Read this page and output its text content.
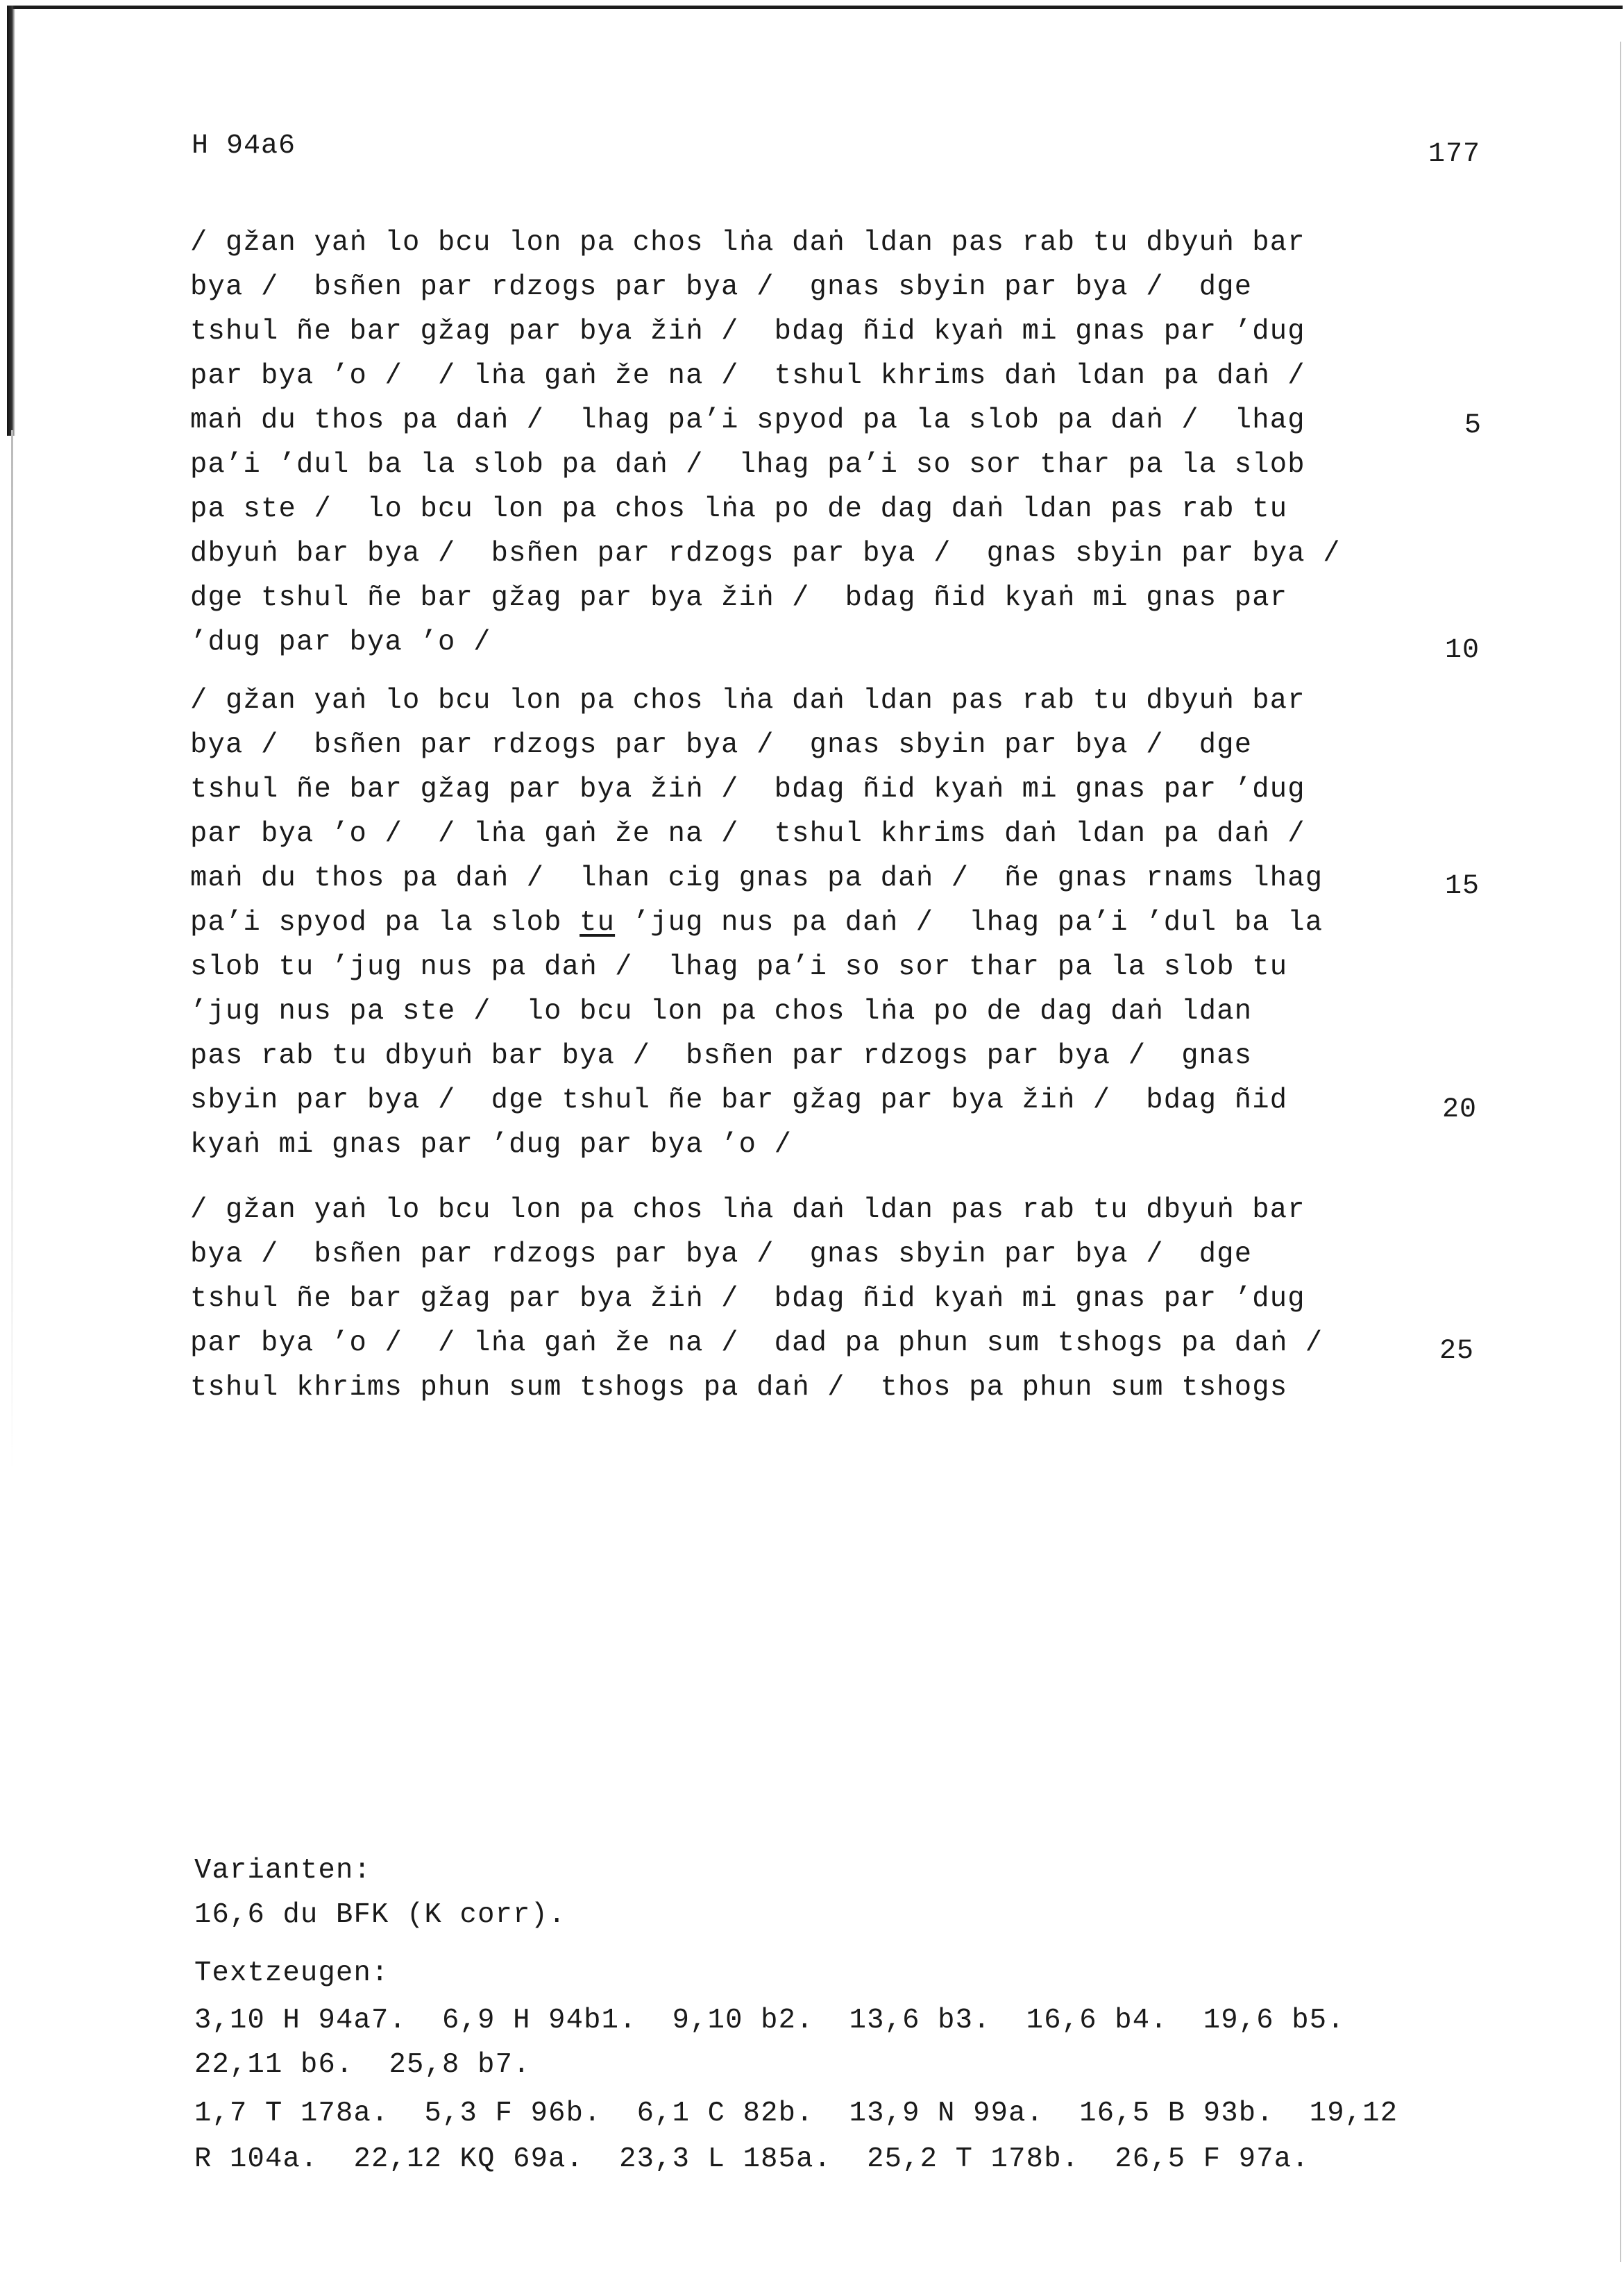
H 94a6	177
/ gžan yaṅ lo bcu lon pa chos lṅa daṅ ldan pas rab tu dbyuṅ bar
bya /  bsñen par rdzogs par bya /  gnas sbyin par bya /  dge
tshul ñe bar gžag par bya žiṅ /  bdag ñid kyaṅ mi gnas par ’dug
par bya ’o /  / lṅa gaṅ že na /  tshul khrims daṅ ldan pa daṅ /
maṅ du thos pa daṅ /  lhag pa’i spyod pa la slob pa daṅ /  lhag
pa’i ’dul ba la slob pa daṅ /  lhag pa’i so sor thar pa la slob
pa ste /  lo bcu lon pa chos lṅa po de dag daṅ ldan pas rab tu
dbyuṅ bar bya /  bsñen par rdzogs par bya /  gnas sbyin par bya /
dge tshul ñe bar gžag par bya žiṅ /  bdag ñid kyaṅ mi gnas par
’dug par bya ’o /
/ gžan yaṅ lo bcu lon pa chos lṅa daṅ ldan pas rab tu dbyuṅ bar
bya /  bsñen par rdzogs par bya /  gnas sbyin par bya /  dge
tshul ñe bar gžag par bya žiṅ /  bdag ñid kyaṅ mi gnas par ’dug
par bya ’o /  / lṅa gaṅ že na /  tshul khrims daṅ ldan pa daṅ /
maṅ du thos pa daṅ /  lhan cig gnas pa daṅ /  ñe gnas rnams lhag
pa’i spyod pa la slob tu ’jug nus pa daṅ /  lhag pa’i ’dul ba la
slob tu ’jug nus pa daṅ /  lhag pa’i so sor thar pa la slob tu
’jug nus pa ste /  lo bcu lon pa chos lṅa po de dag daṅ ldan
pas rab tu dbyuṅ bar bya /  bsñen par rdzogs par bya /  gnas
sbyin par bya /  dge tshul ñe bar gžag par bya žiṅ /  bdag ñid
kyaṅ mi gnas par ’dug par bya ’o /
/ gžan yaṅ lo bcu lon pa chos lṅa daṅ ldan pas rab tu dbyuṅ bar
bya /  bsñen par rdzogs par bya /  gnas sbyin par bya /  dge
tshul ñe bar gžag par bya žiṅ /  bdag ñid kyaṅ mi gnas par ’dug
par bya ’o /  / lṅa gaṅ že na /  dad pa phun sum tshogs pa daṅ /
tshul khrims phun sum tshogs pa daṅ /  thos pa phun sum tshogs
5
10
15
20
25
Varianten:
16,6 du BFK (K corr).
Textzeugen:
3,10 H 94a7.  6,9 H 94b1.  9,10 b2.  13,6 b3.  16,6 b4.  19,6 b5.
22,11 b6.  25,8 b7.
1,7 T 178a.  5,3 F 96b.  6,1 C 82b.  13,9 N 99a.  16,5 B 93b.  19,12
R 104a.  22,12 KQ 69a.  23,3 L 185a.  25,2 T 178b.  26,5 F 97a.
